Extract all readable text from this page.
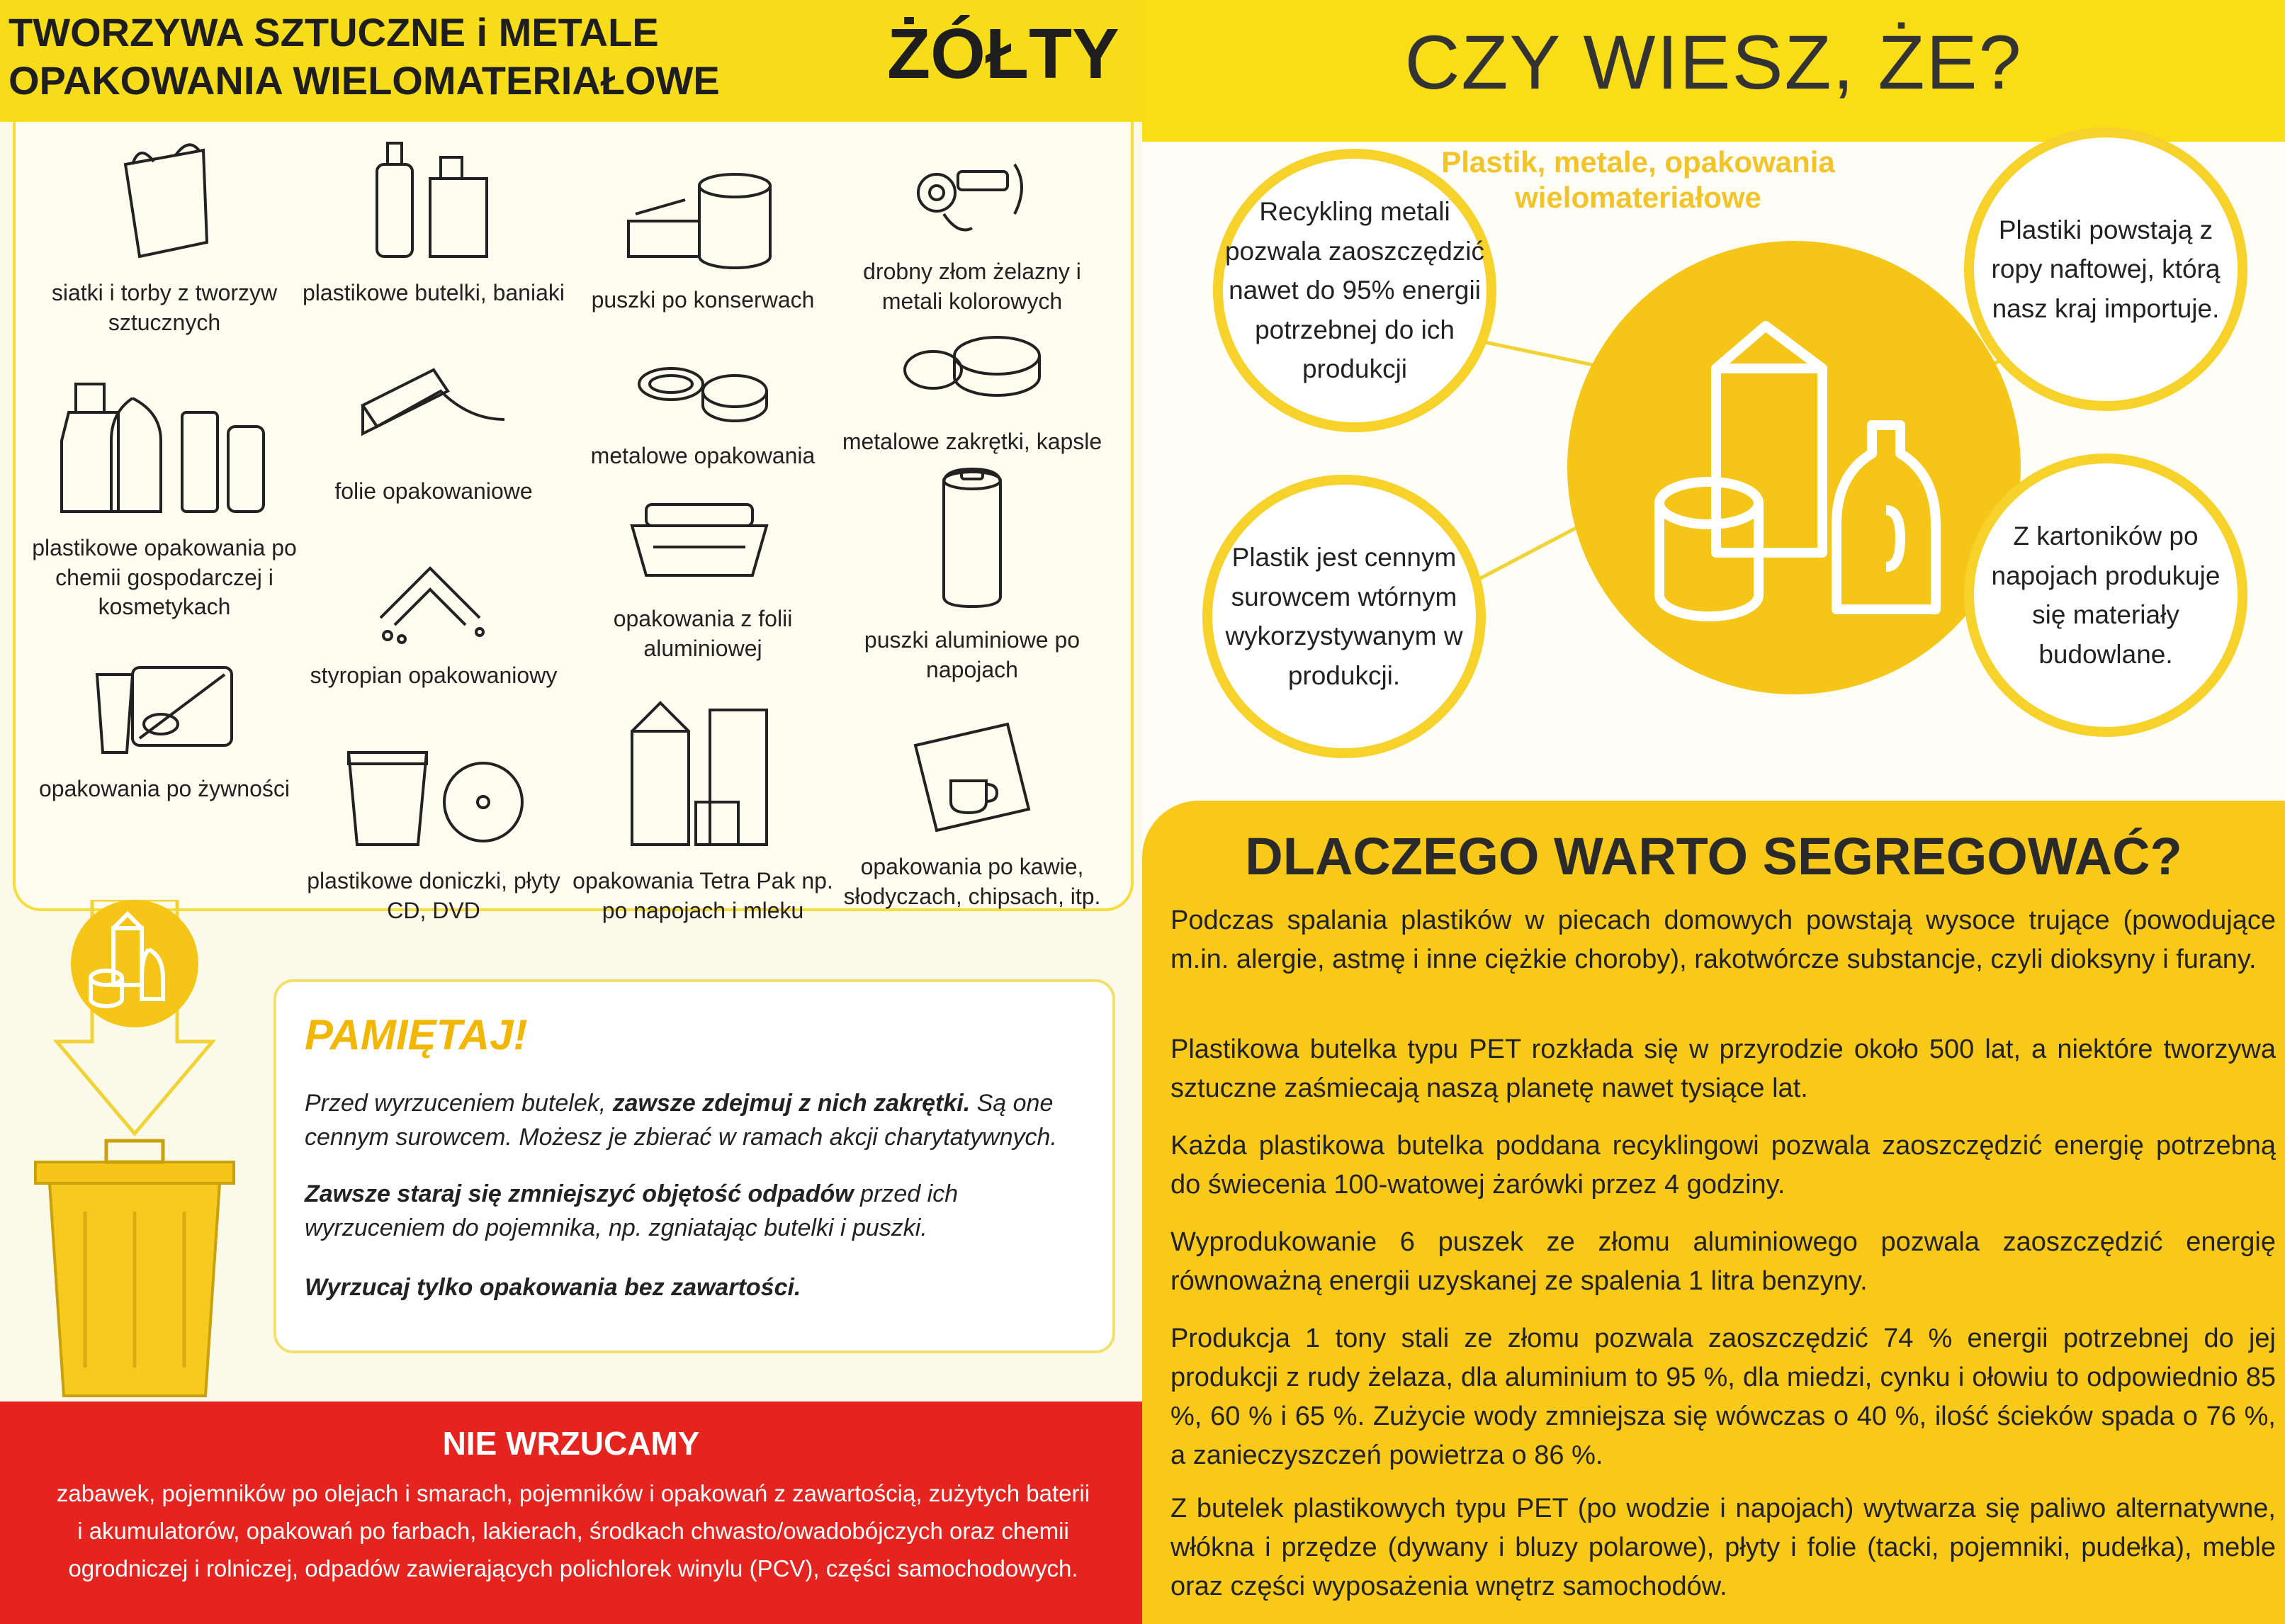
TWORZYWA SZTUCZNE i METALE
OPAKOWANIA WIELOMATERIAŁOWE ŻÓŁTY
siatki i torby z tworzyw sztucznych
plastikowe butelki, baniaki	puszki po konserwach
drobny złom żelazny i metali kolorowych
plastikowe opakowania po chemii gospodarczej i kosmetykach
folie opakowaniowe
metalowe opakowania
metalowe zakrętki, kapsle
styropian opakowaniowy
opakowania z folii aluminiowej	puszki aluminiowe po napojach
opakowania po żywności
plastikowe doniczki, płyty CD, DVD
opakowania Tetra Pak np. po napojach i mleku
opakowania po kawie, słodyczach, chipsach, itp.
PAMIĘTAJ!
Przed wyrzuceniem butelek, zawsze zdejmuj z nich zakrętki. Są one cennym surowcem. Możesz je zbierać w ramach akcji charytatywnych.
Zawsze staraj się zmniejszyć objętość odpadów przed ich wyrzuceniem do pojemnika, np. zgniatając butelki i puszki.
Wyrzucaj tylko opakowania bez zawartości.
NIE WRZUCAMY
zabawek, pojemników po olejach i smarach, pojemników i opakowań z zawartością, zużytych baterii
i akumulatorów, opakowań po farbach, lakierach, środkach chwasto/owadobójczych oraz chemii
ogrodniczej i rolniczej, odpadów zawierających polichlorek winylu (PCV), części samochodowych.
CZY WIESZ, ŻE?
Plastik, metale, opakowania wielomateriałowe
Recykling metali pozwala zaoszczędzić nawet do 95% energii potrzebnej do ich produkcji
Plastiki powstają z ropy naftowej, którą nasz kraj importuje.
Plastik jest cennym surowcem wtórnym wykorzystywanym w produkcji.
Z kartoników po napojach produkuje się materiały budowlane.
DLACZEGO WARTO SEGREGOWAĆ?
Podczas spalania plastików w piecach domowych powstają wysoce trujące (powodujące m.in. alergie, astmę i inne ciężkie choroby), rakotwórcze substancje, czyli dioksyny i furany.
Plastikowa butelka typu PET rozkłada się w przyrodzie około 500 lat, a niektóre tworzywa sztuczne zaśmiecają naszą planetę nawet tysiące lat.
Każda plastikowa butelka poddana recyklingowi pozwala zaoszczędzić energię potrzebną do świecenia 100-watowej żarówki przez 4 godziny.
Wyprodukowanie 6 puszek ze złomu aluminiowego pozwala zaoszczędzić energię równoważną energii uzyskanej ze spalenia 1 litra benzyny.
Produkcja 1 tony stali ze złomu pozwala zaoszczędzić 74 % energii potrzebnej do jej produkcji z rudy żelaza, dla aluminium to 95 %, dla miedzi, cynku i ołowiu to odpowiednio 85 %, 60 % i 65 %. Zużycie wody zmniejsza się wówczas o 40 %, ilość ścieków spada o 76 %, a zanieczyszczeń powietrza o 86 %.
Z butelek plastikowych typu PET (po wodzie i napojach) wytwarza się paliwo alternatywne, włókna i przędze (dywany i bluzy polarowe), płyty i folie (tacki, pojemniki, pudełka), meble oraz części wyposażenia wnętrz samochodów.
